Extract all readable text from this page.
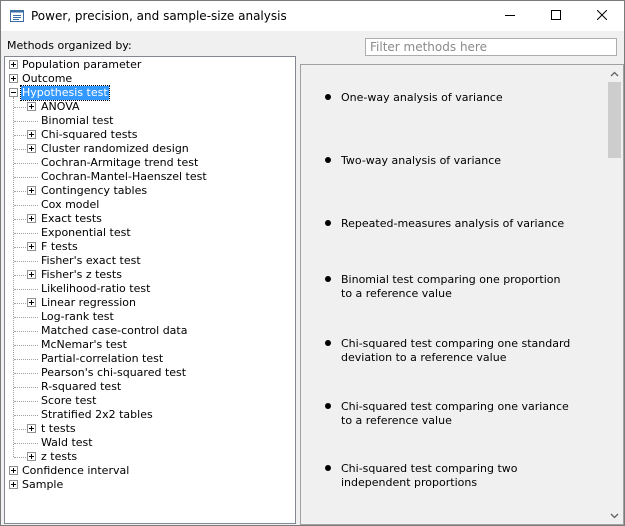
Power, precision, and sample-size analysis
Methods organized by:
Population parameter
Outcome
Hypothesis test
ANOVA
Binomial test
Chi-squared tests
Cluster randomized design
Cochran-Armitage trend test
Cochran-Mantel-Haenszel test
Contingency tables
Cox model
Exact tests
Exponential test
F tests
Fisher's exact test
Fisher's z tests
Likelihood-ratio test
Linear regression
Log-rank test
Matched case-control data
McNemar's test
Partial-correlation test
Pearson's chi-squared test
R-squared test
Score test
Stratified 2x2 tables
t tests
Wald test
z tests
Confidence interval
Sample
Filter methods here
One-way analysis of variance
Two-way analysis of variance
Repeated-measures analysis of variance
Binomial test comparing one proportion to a reference value
Chi-squared test comparing one standard deviation to a reference value
Chi-squared test comparing one variance to a reference value
Chi-squared test comparing two independent proportions
